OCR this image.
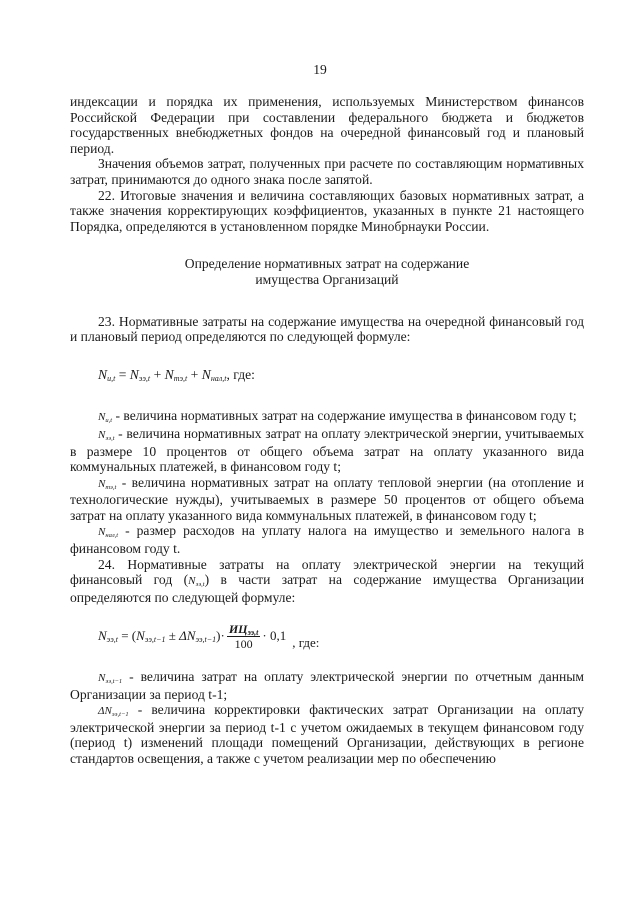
19

индексации и порядка их применения, используемых Министерством финансов Российской Федерации при составлении федерального бюджета и бюджетов государственных внебюджетных фондов на очередной финансовый год и плановый период.

Значения объемов затрат, полученных при расчете по составляющим нормативных затрат, принимаются до одного знака после запятой.

22. Итоговые значения и величина составляющих базовых нормативных затрат, а также значения корректирующих коэффициентов, указанных в пункте 21 настоящего Порядка, определяются в установленном порядке Минобрнауки России.

Определение нормативных затрат на содержание
имущества Организаций

23. Нормативные затраты на содержание имущества на очередной финансовый год и плановый период определяются по следующей формуле:

$N_{и,t} = N_{ээ,t} + N_{тэ,t} + N_{нал,t}$, где:

$N_{и,t}$ - величина нормативных затрат на содержание имущества в финансовом году t;

$N_{ээ,t}$ - величина нормативных затрат на оплату электрической энергии, учитываемых в размере 10 процентов от общего объема затрат на оплату указанного вида коммунальных платежей, в финансовом году t;

$N_{тэ,t}$ - величина нормативных затрат на оплату тепловой энергии (на отопление и технологические нужды), учитываемых в размере 50 процентов от общего объема затрат на оплату указанного вида коммунальных платежей, в финансовом году t;

$N_{нал,t}$ - размер расходов на уплату налога на имущество и земельного налога в финансовом году t.

24. Нормативные затраты на оплату электрической энергии на текущий финансовый год $(N_{ээ,t})$ в части затрат на содержание имущества Организации определяются по следующей формуле:

$N_{ээ,t} = (N_{ээ,t-1} \pm \Delta N_{ээ,t-1})\cdot \frac{ИЦ_{ээ,t}}{100} \cdot 0,1$ , где:

$N_{ээ,t-1}$ - величина затрат на оплату электрической энергии по отчетным данным Организации за период t-1;

$\Delta N_{ээ,t-1}$ - величина корректировки фактических затрат Организации на оплату электрической энергии за период t-1 с учетом ожидаемых в текущем финансовом году (период t) изменений площади помещений Организации, действующих в регионе стандартов освещения, а также с учетом реализации мер по обеспечению
